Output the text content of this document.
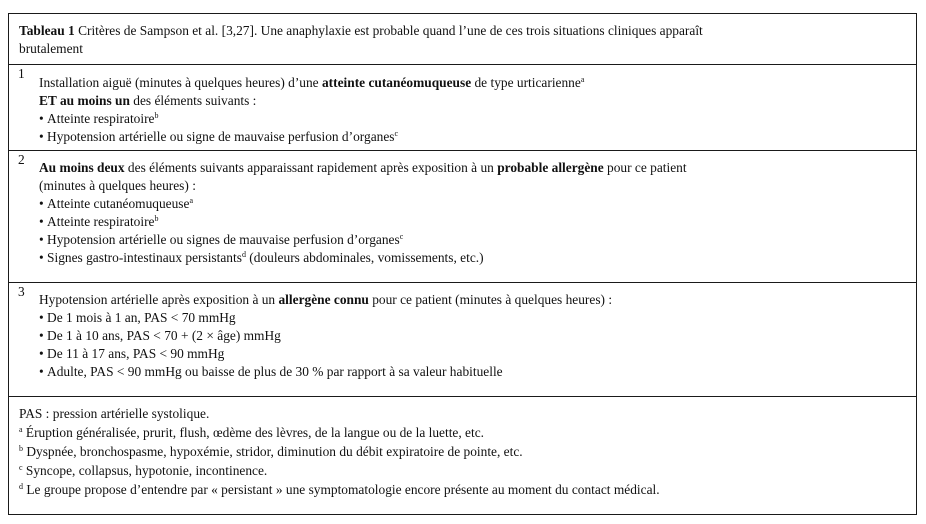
Tableau 1 Critères de Sampson et al. [3,27]. Une anaphylaxie est probable quand l’une de ces trois situations cliniques apparaît
brutalement
1
Installation aiguë (minutes à quelques heures) d’une atteinte cutanéomuqueuse de type urticarienne$^a$
ET au moins un des éléments suivants :
• Atteinte respiratoire$^b$
• Hypotension artérielle ou signe de mauvaise perfusion d’organes$^c$
2
Au moins deux des éléments suivants apparaissant rapidement après exposition à un probable allergène pour ce patient
(minutes à quelques heures) :
• Atteinte cutanéomuqueuse$^a$
• Atteinte respiratoire$^b$
• Hypotension artérielle ou signes de mauvaise perfusion d’organes$^c$
• Signes gastro-intestinaux persistants$^d$ (douleurs abdominales, vomissements, etc.)
3
Hypotension artérielle après exposition à un allergène connu pour ce patient (minutes à quelques heures) :
• De 1 mois à 1 an, PAS < 70 mmHg
• De 1 à 10 ans, PAS < 70 + (2 × âge) mmHg
• De 11 à 17 ans, PAS < 90 mmHg
• Adulte, PAS < 90 mmHg ou baisse de plus de 30 % par rapport à sa valeur habituelle
PAS : pression artérielle systolique.
$^a$ Éruption généralisée, prurit, flush, œdème des lèvres, de la langue ou de la luette, etc.
$^b$ Dyspnée, bronchospasme, hypoxémie, stridor, diminution du débit expiratoire de pointe, etc.
$^c$ Syncope, collapsus, hypotonie, incontinence.
$^d$ Le groupe propose d’entendre par « persistant » une symptomatologie encore présente au moment du contact médical.
